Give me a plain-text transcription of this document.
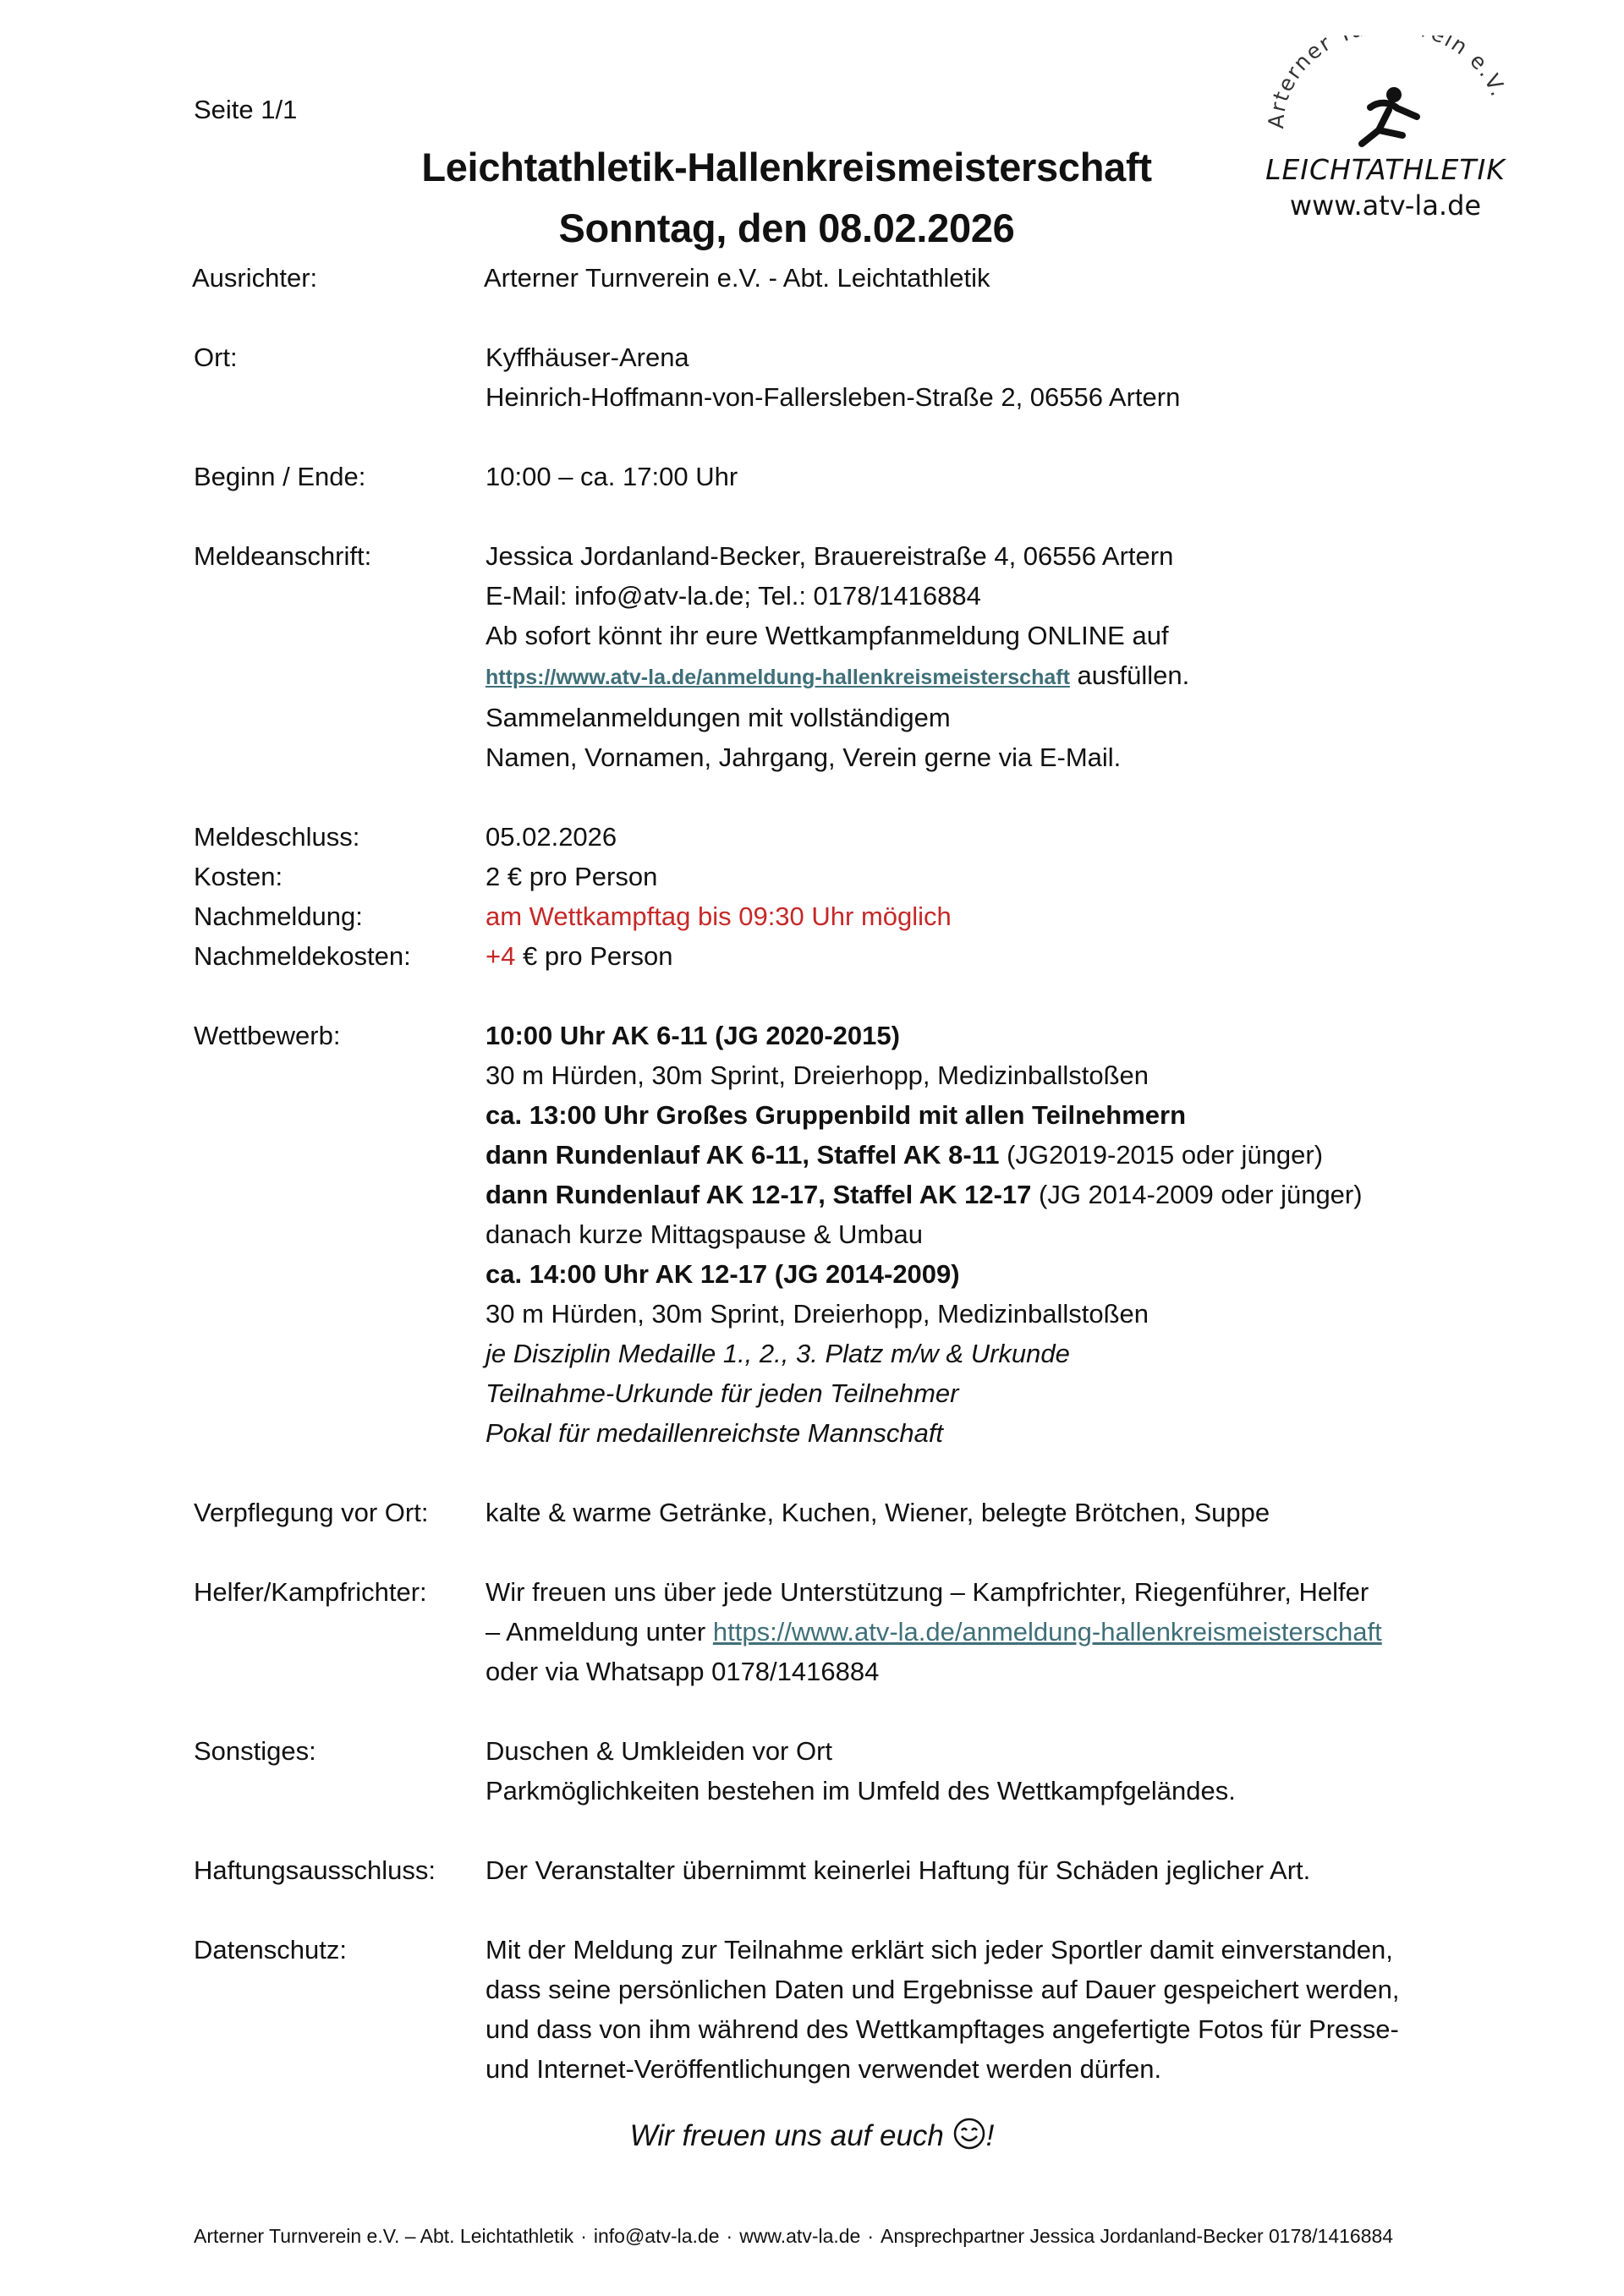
Seite 1/1
Leichtathletik-Hallenkreismeisterschaft
Sonntag, den 08.02.2026
Arterner in e.V.
LEICHTATHLETIK
www.atv-la.de
Ausrichter:	Arterner Turnverein e.V. - Abt. Leichtathletik
Ort:	Kyffhäuser-Arena
Heinrich-Hoffmann-von-Fallersleben-Straße 2, 06556 Artern
Beginn / Ende:	10:00 – ca. 17:00 Uhr
Meldeanschrift:	Jessica Jordanland-Becker, Brauereistraße 4, 06556 Artern
E-Mail: info@atv-la.de; Tel.: 0178/1416884
Ab sofort könnt ihr eure Wettkampfanmeldung ONLINE auf
https://www.atv-la.de/anmeldung-hallenkreismeisterschaft ausfüllen.
Sammelanmeldungen mit vollständigem
Namen, Vornamen, Jahrgang, Verein gerne via E-Mail.
Meldeschluss:	05.02.2026
Kosten:	2 € pro Person
Nachmeldung:	am Wettkampftag bis 09:30 Uhr möglich
Nachmeldekosten:	+4 € pro Person
Wettbewerb:	10:00 Uhr AK 6-11 (JG 2020-2015)
30 m Hürden, 30m Sprint, Dreierhopp, Medizinballstoßen
ca. 13:00 Uhr Großes Gruppenbild mit allen Teilnehmern
dann Rundenlauf AK 6-11, Staffel AK 8-11 (JG2019-2015 oder jünger)
dann Rundenlauf AK 12-17, Staffel AK 12-17 (JG 2014-2009 oder jünger)
danach kurze Mittagspause & Umbau
ca. 14:00 Uhr AK 12-17 (JG 2014-2009)
30 m Hürden, 30m Sprint, Dreierhopp, Medizinballstoßen
je Disziplin Medaille 1., 2., 3. Platz m/w & Urkunde
Teilnahme-Urkunde für jeden Teilnehmer
Pokal für medaillenreichste Mannschaft
Verpflegung vor Ort:	kalte & warme Getränke, Kuchen, Wiener, belegte Brötchen, Suppe
Helfer/Kampfrichter:	Wir freuen uns über jede Unterstützung – Kampfrichter, Riegenführer, Helfer
– Anmeldung unter https://www.atv-la.de/anmeldung-hallenkreismeisterschaft
oder via Whatsapp 0178/1416884
Sonstiges:	Duschen & Umkleiden vor Ort
Parkmöglichkeiten bestehen im Umfeld des Wettkampfgeländes.
Haftungsausschluss:	Der Veranstalter übernimmt keinerlei Haftung für Schäden jeglicher Art.
Datenschutz:	Mit der Meldung zur Teilnahme erklärt sich jeder Sportler damit einverstanden,
dass seine persönlichen Daten und Ergebnisse auf Dauer gespeichert werden,
und dass von ihm während des Wettkampftages angefertigte Fotos für Presse-
und Internet-Veröffentlichungen verwendet werden dürfen.
Wir freuen uns auf euch !
Arterner Turnverein e.V. – Abt. Leichtathletik · info@atv-la.de · www.atv-la.de · Ansprechpartner Jessica Jordanland-Becker 0178/1416884
